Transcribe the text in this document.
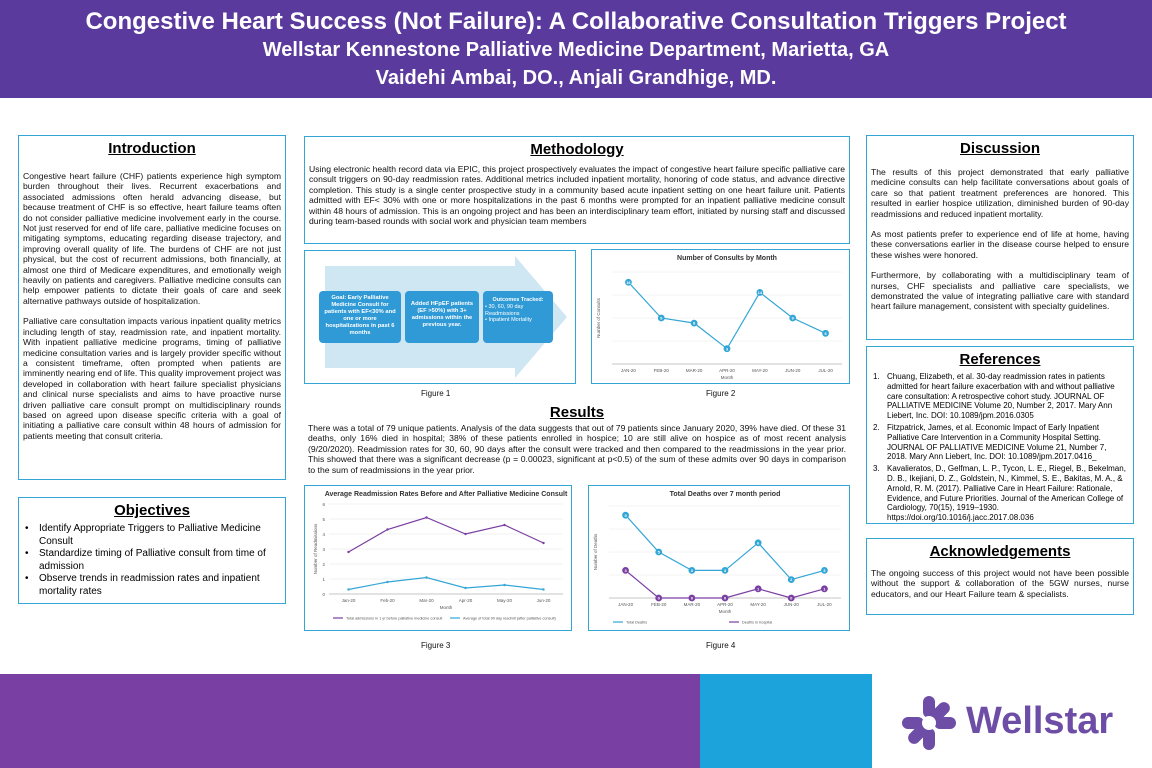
Congestive Heart Success (Not Failure): A Collaborative Consultation Triggers Project
Wellstar Kennestone Palliative Medicine Department, Marietta, GA
Vaidehi Ambai, DO., Anjali Grandhige, MD.
Introduction

Congestive heart failure (CHF) patients experience high symptom burden throughout their lives. Recurrent exacerbations and associated admissions often herald advancing disease, but because treatment of CHF is so effective, heart failure teams often do not consider palliative medicine involvement early in the course. Not just reserved for end of life care, palliative medicine focuses on mitigating symptoms, educating regarding disease trajectory, and improving overall quality of life. The burdens of CHF are not just physical, but the cost of recurrent admissions, both financially, at almost one third of Medicare expenditures, and emotionally weigh heavily on patients and caregivers. Palliative medicine consults can help empower patients to dictate their goals of care and seek alternative pathways outside of hospitalization.

Palliative care consultation impacts various inpatient quality metrics including length of stay, readmission rate, and inpatient mortality. With inpatient palliative medicine programs, timing of palliative medicine consultation varies and is largely provider specific without a consistent timeframe, often prompted when patients are imminently nearing end of life. This quality improvement project was developed in collaboration with heart failure specialist physicians and clinical nurse specialists and aims to have proactive nurse driven palliative care consult prompt on multidisciplinary rounds based on agreed upon disease specific criteria with a goal of initiating a palliative care consult within 48 hours of admission for patients meeting that consult criteria.

Objectives
• Identify Appropriate Triggers to Palliative Medicine Consult
• Standardize timing of Palliative consult from time of admission
• Observe trends in readmission rates and inpatient mortality rates
Methodology
Using electronic health record data via EPIC, this project prospectively evaluates the impact of congestive heart failure specific palliative care consult triggers on 90-day readmission rates. Additional metrics included inpatient mortality, honoring of code status, and advance directive completion. This study is a single center prospective study in a community based acute inpatient setting on one heart failure unit. Patients admitted with EF< 30% with one or more hospitalizations in the past 6 months were prompted for an inpatient palliative medicine consult within 48 hours of admission. This is an ongoing project and has been an interdisciplinary team effort, initiated by nursing staff and discussed during team-based rounds with social work and physician team members
Goal: Early Palliative Medicine Consult for patients with EF<30% and one or more hospitalizations in past 6 months
Added HFpEF patients (EF >50%) with 3+ admissions within the previous year.
Outcomes Tracked:
• 30, 60, 90 day Readmissions
• Inpatient Mortality
Figure 1
Number of Consults by Month
JAN-20	FEB-20	MAR-20	APR-20	MAY-20	JUN-20	JUL-20
Month
Number of Consults
16
9
8
3
14
9
6
Figure 2
Results
There was a total of 79 unique patients. Analysis of the data suggests that out of 79 patients since January 2020, 39% have died. Of these 31 deaths, only 16% died in hospital; 38% of these patients enrolled in hospice; 10 are still alive on hospice as of most recent analysis (9/20/2020). Readmission rates for 30, 60, 90 days after the consult were tracked and then compared to the readmissions in the year prior. This showed that there was a significant decrease (p = 0.00023, significant at p<0.5) of the sum of these admits over 90 days in comparison to the sum of readmissions in the year prior.
Average Readmission Rates Before and After Palliative Medicine Consult
0
1
2
3
4
5
6
Jan-20	Feb-20	Mar-20	Apr-20	May-20	Jun-20
Month
Number of Readmissions
Total admissions in 1 yr before palliative medicine consult	Average of total 90 day readmit (after palliative consult)
Figure 3
Total Deaths over 7 month period
JAN-20	FEB-20	MAR-20	APR-20	MAY-20	JUN-20	JUL-20
Month
Number of Deaths
9
5
3	3
6
2
3
3
0	0	0
1
0
1
Total Deaths	Deaths in hospital
Figure 4
Discussion

The results of this project demonstrated that early palliative medicine consults can help facilitate conversations about goals of care so that patient treatment preferences are honored. This resulted in earlier hospice utilization, diminished burden of 90-day readmissions and reduced inpatient mortality.

As most patients prefer to experience end of life at home, having these conversations earlier in the disease course helped to ensure these wishes were honored.

Furthermore, by collaborating with a multidisciplinary team of nurses, CHF specialists and palliative care specialists, we demonstrated the value of integrating palliative care with standard heart failure management, consistent with specialty guidelines.

References
1. Chuang, Elizabeth, et al. 30-day readmission rates in patients admitted for heart failure exacerbation with and without palliative care consultation: A retrospective cohort study. JOURNAL OF PALLIATIVE MEDICINE Volume 20, Number 2, 2017. Mary Ann Liebert, Inc. DOI: 10.1089/jpm.2016.0305
2. Fitzpatrick, James, et al. Economic Impact of Early Inpatient Palliative Care Intervention in a Community Hospital Setting. JOURNAL OF PALLIATIVE MEDICINE Volume 21, Number 7, 2018. Mary Ann Liebert, Inc. DOI: 10.1089/jpm.2017.0416_
3. Kavalieratos, D., Gelfman, L. P., Tycon, L. E., Riegel, B., Bekelman, D. B., Ikejiani, D. Z., Goldstein, N., Kimmel, S. E., Bakitas, M. A., & Arnold, R. M. (2017). Palliative Care in Heart Failure: Rationale, Evidence, and Future Priorities. Journal of the American College of Cardiology, 70(15), 1919–1930. https://doi.org/10.1016/j.jacc.2017.08.036
Acknowledgements
The ongoing success of this project would not have been possible without the support & collaboration of the 5GW nurses, nurse educators, and our Heart Failure team & specialists.
Wellstar
